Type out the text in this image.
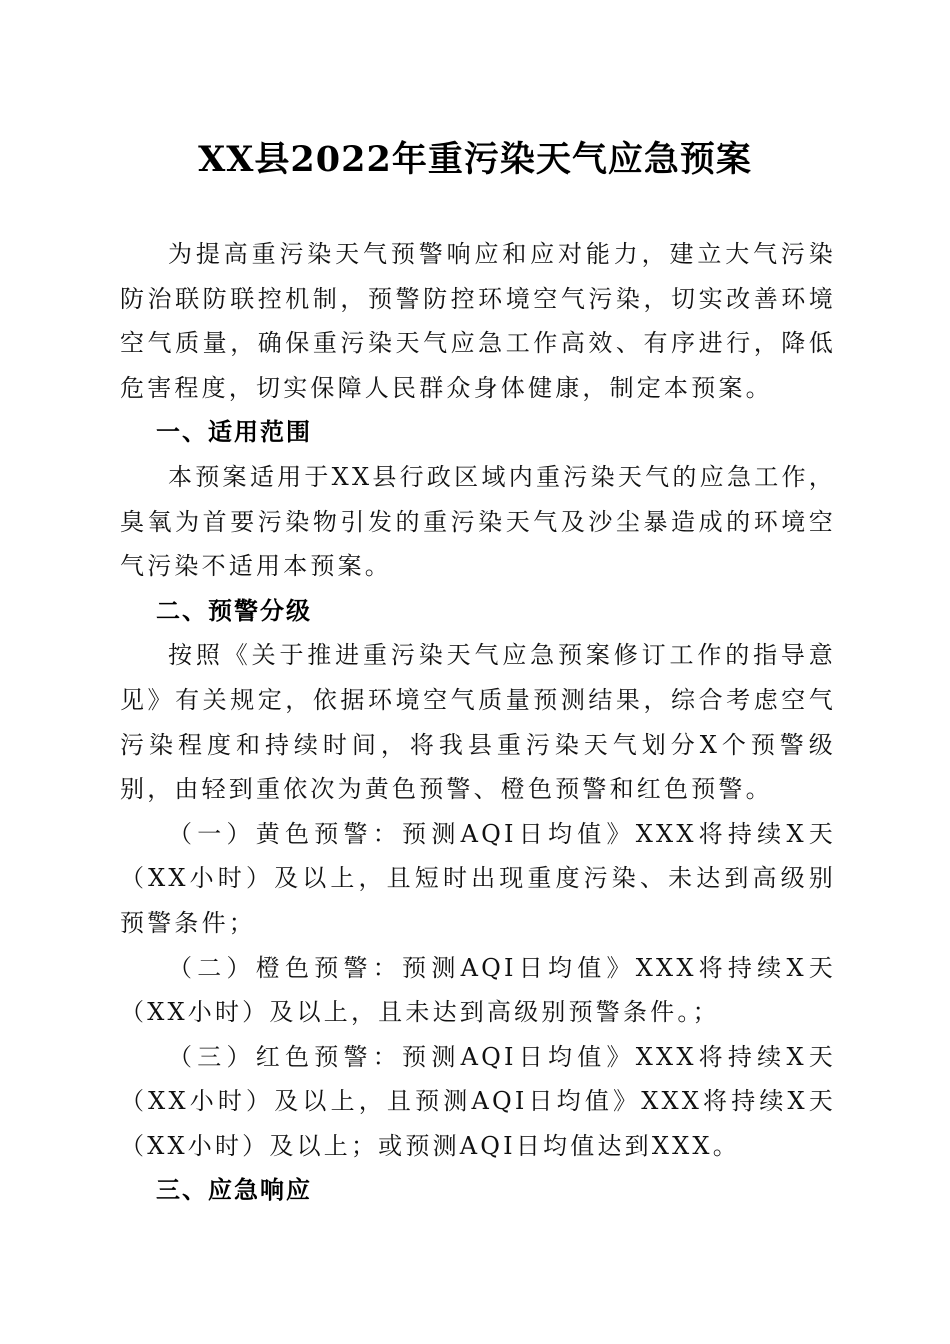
XX县2022年重污染天气应急预案

为提高重污染天气预警响应和应对能力，建立大气污染防治联防联控机制，预警防控环境空气污染，切实改善环境空气质量，确保重污染天气应急工作高效、有序进行，降低危害程度，切实保障人民群众身体健康，制定本预案。

一、适用范围

本预案适用于XX县行政区域内重污染天气的应急工作，臭氧为首要污染物引发的重污染天气及沙尘暴造成的环境空气污染不适用本预案。

二、预警分级

按照《关于推进重污染天气应急预案修订工作的指导意见》有关规定，依据环境空气质量预测结果，综合考虑空气污染程度和持续时间，将我县重污染天气划分X个预警级别，由轻到重依次为黄色预警、橙色预警和红色预警。

（一）黄色预警：预测AQI日均值》XXX将持续X天（XX小时）及以上，且短时出现重度污染、未达到高级别预警条件；

（二）橙色预警：预测AQI日均值》XXX将持续X天（XX小时）及以上，且未达到高级别预警条件。；

（三）红色预警：预测AQI日均值》XXX将持续X天（XX小时）及以上，且预测AQI日均值》XXX将持续X天（XX小时）及以上；或预测AQI日均值达到XXX。

三、应急响应
